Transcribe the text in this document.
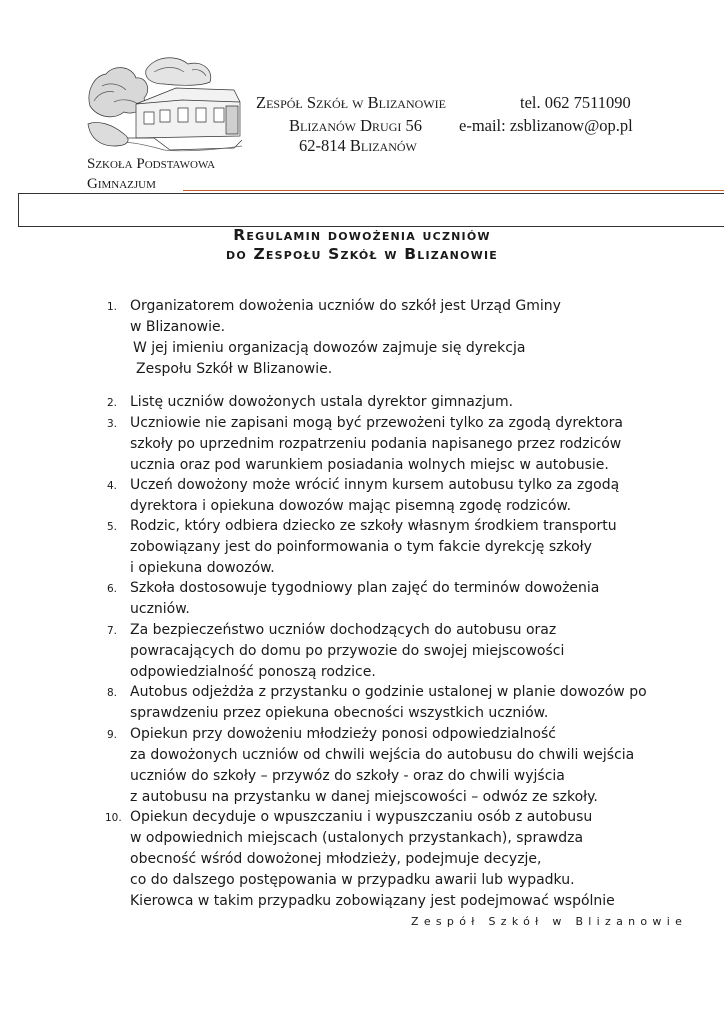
Zespół Szkół w Blizanowie	tel. 062 7511090
Blizanów Drugi 56 e-mail: zsblizanow@op.pl
62-814 Blizanów
Szkoła Podstawowa
Gimnazjum
Regulamin dowożenia uczniów
do Zespołu Szkół w Blizanowie
1. Organizatorem dowożenia uczniów do szkół jest Urząd Gminy
w Blizanowie.
W jej imieniu organizacją dowozów zajmuje się dyrekcja
Zespołu Szkół w Blizanowie.
2. Listę uczniów dowożonych ustala dyrektor gimnazjum.
3. Uczniowie nie zapisani mogą być przewożeni tylko za zgodą dyrektora
szkoły po uprzednim rozpatrzeniu podania napisanego przez rodziców
ucznia oraz pod warunkiem posiadania wolnych miejsc w autobusie.
4. Uczeń dowożony może wrócić innym kursem autobusu tylko za zgodą
dyrektora i opiekuna dowozów mając pisemną zgodę rodziców.
5. Rodzic, który odbiera dziecko ze szkoły własnym środkiem transportu
zobowiązany jest do poinformowania o tym fakcie dyrekcję szkoły
i opiekuna dowozów.
6. Szkoła dostosowuje tygodniowy plan zajęć do terminów dowożenia
uczniów.
7. Za bezpieczeństwo uczniów dochodzących do autobusu oraz
powracających do domu po przywozie do swojej miejscowości
odpowiedzialność ponoszą rodzice.
8. Autobus odjeżdża z przystanku o godzinie ustalonej w planie dowozów po
sprawdzeniu przez opiekuna obecności wszystkich uczniów.
9. Opiekun przy dowożeniu młodzieży ponosi odpowiedzialność
za dowożonych uczniów od chwili wejścia do autobusu do chwili wejścia
uczniów do szkoły – przywóz do szkoły - oraz do chwili wyjścia
z autobusu na przystanku w danej miejscowości – odwóz ze szkoły.
10. Opiekun decyduje o wpuszczaniu i wypuszczaniu osób z autobusu
w odpowiednich miejscach (ustalonych przystankach), sprawdza
obecność wśród dowożonej młodzieży, podejmuje decyzje,
co do dalszego postępowania w przypadku awarii lub wypadku.
Kierowca w takim przypadku zobowiązany jest podejmować wspólnie
Zespół Szkół w Blizanowie
